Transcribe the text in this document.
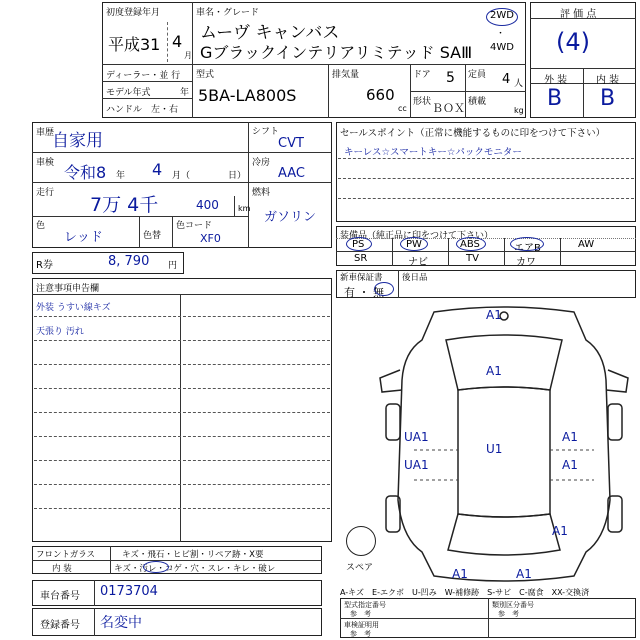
初度登録年月
平成31 4
月
車名・グレード
ムーヴ キャンバス
Gブラックインテリアリミテッド SAⅢ
2WD
・
4WD
ディーラー・並 行
モデル年式	年
ハンドル　左・右
型式
5BA-LA800S
排気量
660
cc
ドア 5 定員 4 人
形状 ＢＯＸ 積載
kg
評 価 点
(4)
外 装	内 装
B B
車歴
自家用
車検 令和8 年 4 月（	日）
走行
7万 4千	400 km
色
レッド	色替
色コード
XF0
シフト
CVT
冷房
AAC
燃料
ガソリン
R券	8, 790 円
セールスポイント（正常に機能するものに印をつけて下さい）
キーレス☆スマートキー☆パックモニター
装備品（純正品に印をつけて下さい）
PS	PW	ABS	エアB	AW
SR	ナビ	TV	カワ
新車保証書
有 ・ 無
後日品
注意事項申告欄
外装 うすい線キズ
天張り 汚れ
スペア
A1
A1
UA1
U1
A1
UA1	A1
A1
A1	A1
フロントガラス	キズ・飛石・ヒビ割・リペア跡・X要
内 装	キズ・汚レ・コゲ・穴・スレ・キレ・破レ
車台番号 0173704
登録番号 名変中
A-キズ　E-エクボ　U-凹み　W-補修跡　S-サビ　C-腐食　XX-交換済
型式指定番号
参　考
類別区分番号
参　考
車検証明用
参　考
